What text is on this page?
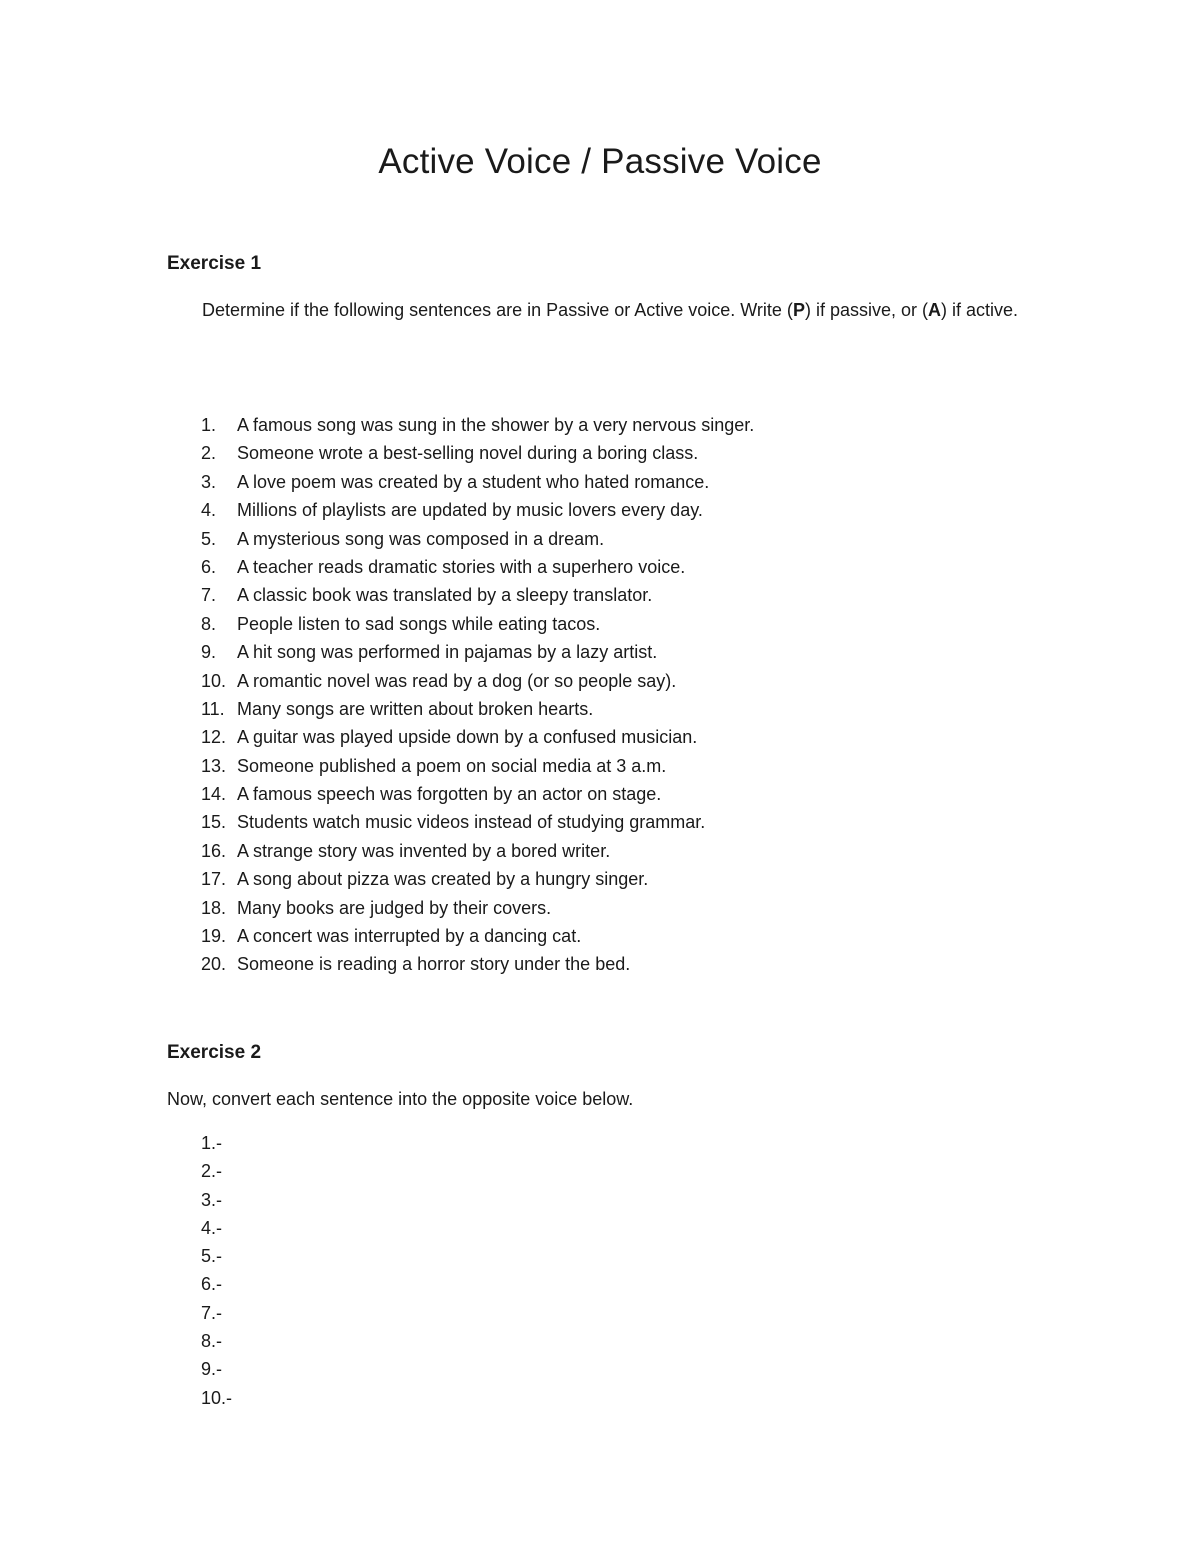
Active Voice / Passive Voice
Exercise 1

Determine if the following sentences are in Passive or Active voice. Write (P) if passive, or (A) if active.

1. A famous song was sung in the shower by a very nervous singer.
2. Someone wrote a best-selling novel during a boring class.
3. A love poem was created by a student who hated romance.
4. Millions of playlists are updated by music lovers every day.
5. A mysterious song was composed in a dream.
6. A teacher reads dramatic stories with a superhero voice.
7. A classic book was translated by a sleepy translator.
8. People listen to sad songs while eating tacos.
9. A hit song was performed in pajamas by a lazy artist.
10. A romantic novel was read by a dog (or so people say).
11. Many songs are written about broken hearts.
12. A guitar was played upside down by a confused musician.
13. Someone published a poem on social media at 3 a.m.
14. A famous speech was forgotten by an actor on stage.
15. Students watch music videos instead of studying grammar.
16. A strange story was invented by a bored writer.
17. A song about pizza was created by a hungry singer.
18. Many books are judged by their covers.
19. A concert was interrupted by a dancing cat.
20. Someone is reading a horror story under the bed.
Exercise 2

Now, convert each sentence into the opposite voice below.

1.-
2.-
3.-
4.-
5.-
6.-
7.-
8.-
9.-
10.-
